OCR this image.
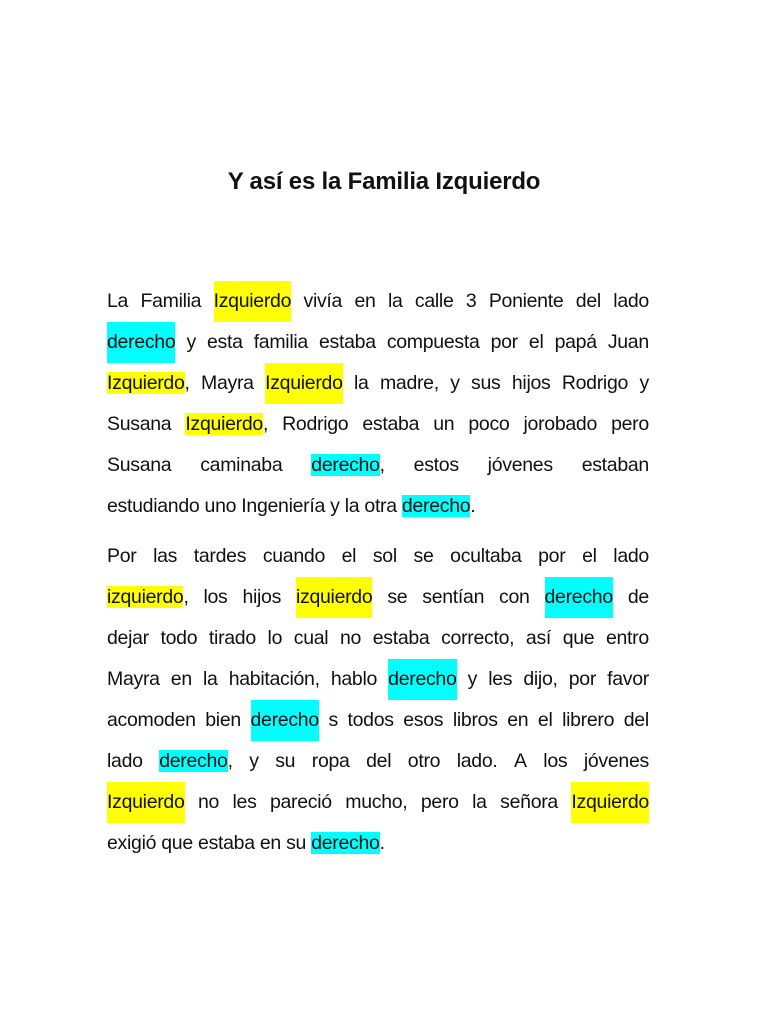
Y así es la Familia Izquierdo
La Familia Izquierdo vivía en la calle 3 Poniente del lado
derecho y esta familia estaba compuesta por el papá Juan
Izquierdo, Mayra Izquierdo la madre, y sus hijos Rodrigo y
Susana Izquierdo, Rodrigo estaba un poco jorobado pero
Susana caminaba derecho, estos jóvenes estaban
estudiando uno Ingeniería y la otra derecho.
Por las tardes cuando el sol se ocultaba por el lado
izquierdo, los hijos izquierdo se sentían con derecho de
dejar todo tirado lo cual no estaba correcto, así que entro
Mayra en la habitación, hablo derecho y les dijo, por favor
acomoden bien derecho s todos esos libros en el librero del
lado derecho, y su ropa del otro lado. A los jóvenes
Izquierdo no les pareció mucho, pero la señora Izquierdo
exigió que estaba en su derecho.
